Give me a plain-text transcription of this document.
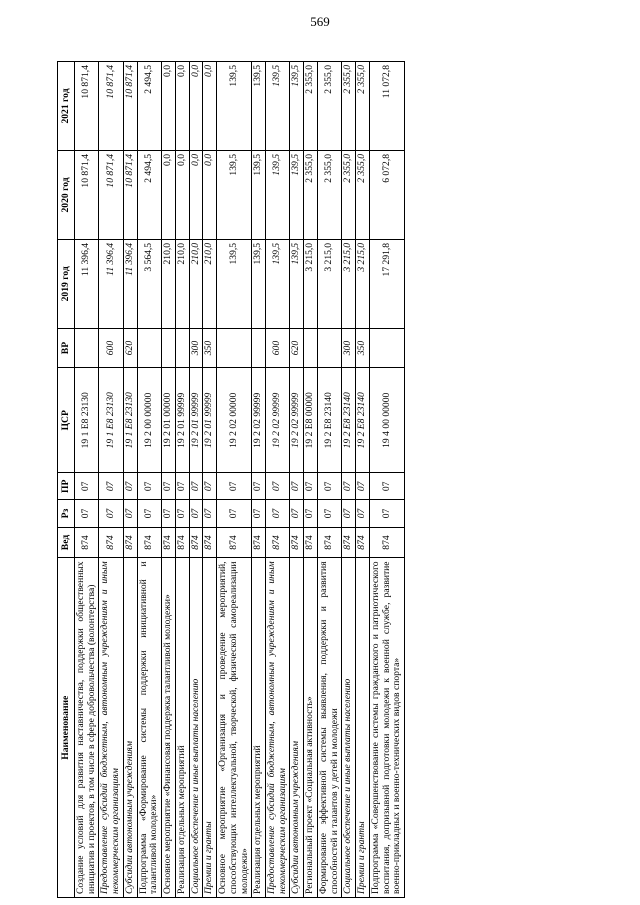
569
Наименование	Вед	Рз	ПР	ЦСР	ВР	2019 год	2020 год	2021 год
Создание условий для развития наставничества, поддержки общественных инициатив и проектов, в том числе в сфере добровольчества (волонтерства)	874	07	07	19 1 E8 23130		11 396,4	10 871,4	10 871,4
Предоставление субсидий бюджетным, автономным учреждениям и иным некоммерческим организациям	874	07	07	19 1 E8 23130	600	11 396,4	10 871,4	10 871,4
Субсидии автономным учреждениям	874	07	07	19 1 E8 23130	620	11 396,4	10 871,4	10 871,4
Подпрограмма «Формирование системы поддержки инициативной и талантливой молодежи»	874	07	07	19 2 00 00000		3 564,5	2 494,5	2 494,5
Основное мероприятие «Финансовая поддержка талантливой молодежи»	874	07	07	19 2 01 00000		210,0	0,0	0,0
Реализация отдельных мероприятий	874	07	07	19 2 01 99999		210,0	0,0	0,0
Социальное обеспечение и иные выплаты населению	874	07	07	19 2 01 99999	300	210,0	0,0	0,0
Премии и гранты	874	07	07	19 2 01 99999	350	210,0	0,0	0,0
Основное мероприятие «Организация и проведение мероприятий, способствующих интеллектуальной, творческой, физической самореализации молодежи»	874	07	07	19 2 02 00000		139,5	139,5	139,5
Реализация отдельных мероприятий	874	07	07	19 2 02 99999		139,5	139,5	139,5
Предоставление субсидий бюджетным, автономным учреждениям и иным некоммерческим организациям	874	07	07	19 2 02 99999	600	139,5	139,5	139,5
Субсидии автономным учреждениям	874	07	07	19 2 02 99999	620	139,5	139,5	139,5
Региональный проект «Социальная активность»	874	07	07	19 2 E8 00000		3 215,0	2 355,0	2 355,0
Формирование эффективной системы выявления, поддержки и развития способностей и талантов у детей и молодежи	874	07	07	19 2 E8 23140		3 215,0	2 355,0	2 355,0
Социальное обеспечение и иные выплаты населению	874	07	07	19 2 E8 23140	300	3 215,0	2 355,0	2 355,0
Премии и гранты	874	07	07	19 2 E8 23140	350	3 215,0	2 355,0	2 355,0
Подпрограмма «Совершенствование системы гражданского и патриотического воспитания, допризывной подготовки молодежи к военной службе, развитие военно-прикладных и военно-технических видов спорта»	874	07	07	19 4 00 00000		17 291,8	6 072,8	11 072,8
